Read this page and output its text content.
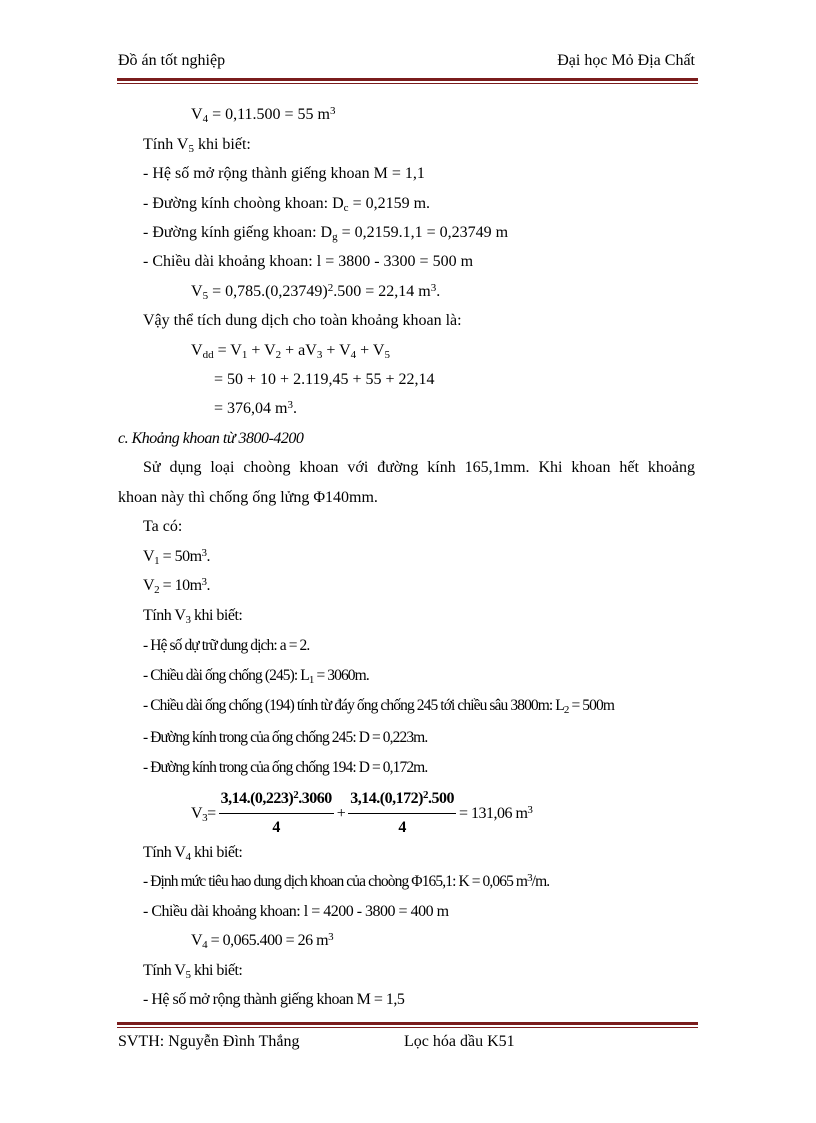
Đồ án tốt nghiệp	Đại học Mỏ Địa Chất
$V_4 = 0,11.500 = 55$ $m^3$
Tính $V_5$ khi biết:
- Hệ số mở rộng thành giếng khoan M = 1,1
- Đường kính choòng khoan: $D_c = 0,2159$ m.
- Đường kính giếng khoan: $D_g = 0,2159.1,1 = 0,23749$ m
- Chiều dài khoảng khoan: l = 3800 - 3300 = 500 m
$V_5 = 0,785.(0,23749)^2.500 = 22,14$ $m^3$.
Vậy thể tích dung dịch cho toàn khoảng khoan là:
$V_{dd} = V_1 + V_2 + aV_3 + V_4 + V_5$
= 50 + 10 + 2.119,45 + 55 + 22,14
= 376,04 $m^3$.
c. Khoảng khoan từ 3800-4200
Sử dụng loại choòng khoan với đường kính 165,1mm. Khi khoan hết khoảng
khoan này thì chống ống lửng Φ140mm.
Ta có:
$V_1 = 50m^3$.
$V_2 = 10m^3$.
Tính $V_3$ khi biết:
- Hệ số dự trữ dung dịch: a = 2.
- Chiều dài ống chống (245): $L_1 = 3060m$.
- Chiều dài ống chống (194) tính từ đáy ống chống 245 tới chiều sâu 3800m: $L_2 = 500m$
- Đường kính trong của ống chống 245: D = 0,223m.
- Đường kính trong của ống chống 194: D = 0,172m.
$V_3= \frac{3,14.(0,223)^2.3060}{4} + \frac{3,14.(0,172)^2.500}{4} = 131,06$ $m^3$
Tính $V_4$ khi biết:
- Định mức tiêu hao dung dịch khoan của choòng Φ165,1: K = 0,065 $m^3/m$.
- Chiều dài khoảng khoan: l = 4200 - 3800 = 400 m
$V_4 = 0,065.400 = 26$ $m^3$
Tính $V_5$ khi biết:
- Hệ số mở rộng thành giếng khoan M = 1,5
SVTH: Nguyễn Đình Thắng	Lọc hóa dầu K51
